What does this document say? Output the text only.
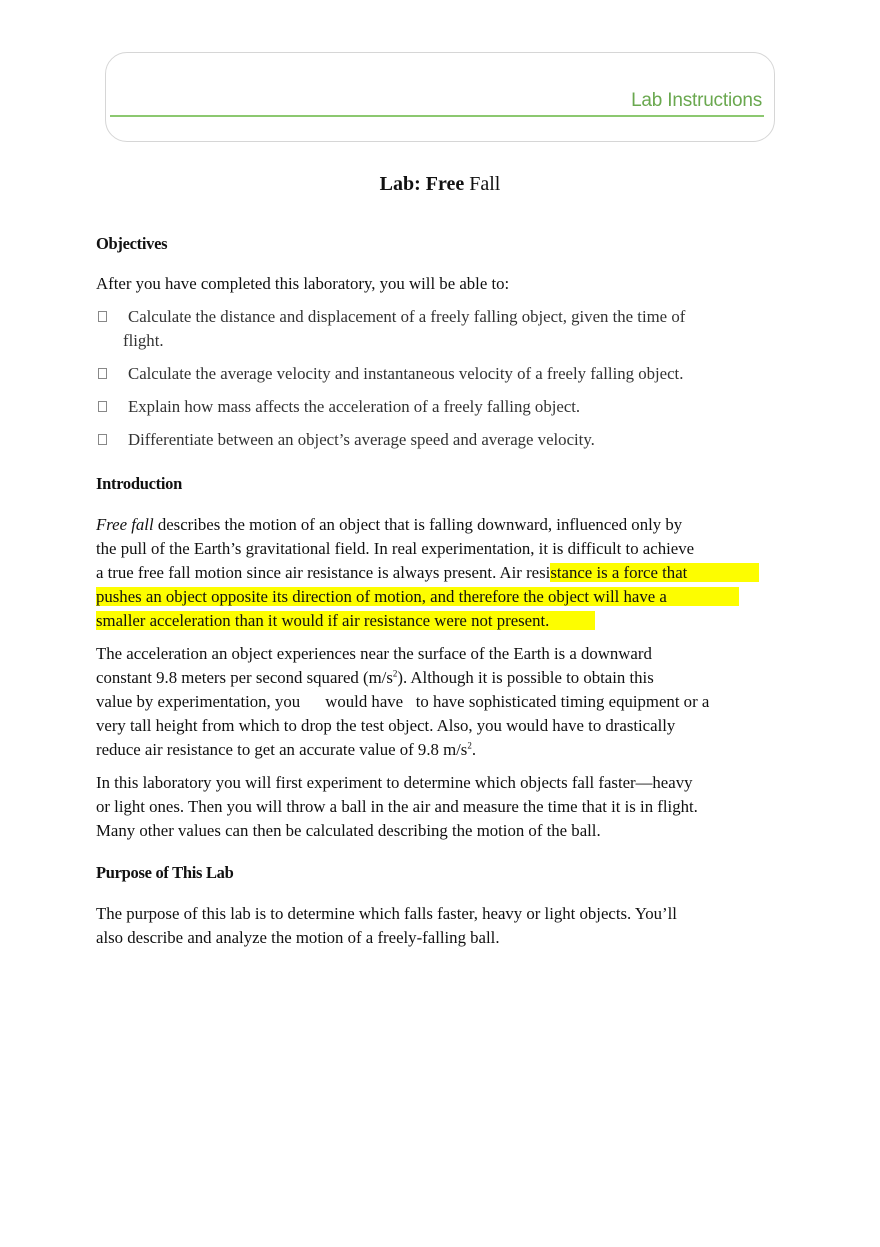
Lab Instructions
Lab: Free Fall

Objectives

After you have completed this laboratory, you will be able to:

Calculate the distance and displacement of a freely falling object, given the time of
flight.
Calculate the average velocity and instantaneous velocity of a freely falling object.
Explain how mass affects the acceleration of a freely falling object.
Differentiate between an object’s average speed and average velocity.

Introduction

Free fall describes the motion of an object that is falling downward, influenced only by
the pull of the Earth’s gravitational field. In real experimentation, it is difficult to achieve
a true free fall motion since air resistance is always present. Air resistance is a force that
pushes an object opposite its direction of motion, and therefore the object will have a
smaller acceleration than it would if air resistance were not present.

The acceleration an object experiences near the surface of the Earth is a downward
constant 9.8 meters per second squared $(m/s^2)$. Although it is possible to obtain this
value by experimentation, you      would have   to have sophisticated timing equipment or a
very tall height from which to drop the test object. Also, you would have to drastically
reduce air resistance to get an accurate value of 9.8 $m/s^2$.

In this laboratory you will first experiment to determine which objects fall faster—heavy
or light ones. Then you will throw a ball in the air and measure the time that it is in flight.
Many other values can then be calculated describing the motion of the ball.

Purpose of This Lab

The purpose of this lab is to determine which falls faster, heavy or light objects. You’ll
also describe and analyze the motion of a freely-falling ball.
